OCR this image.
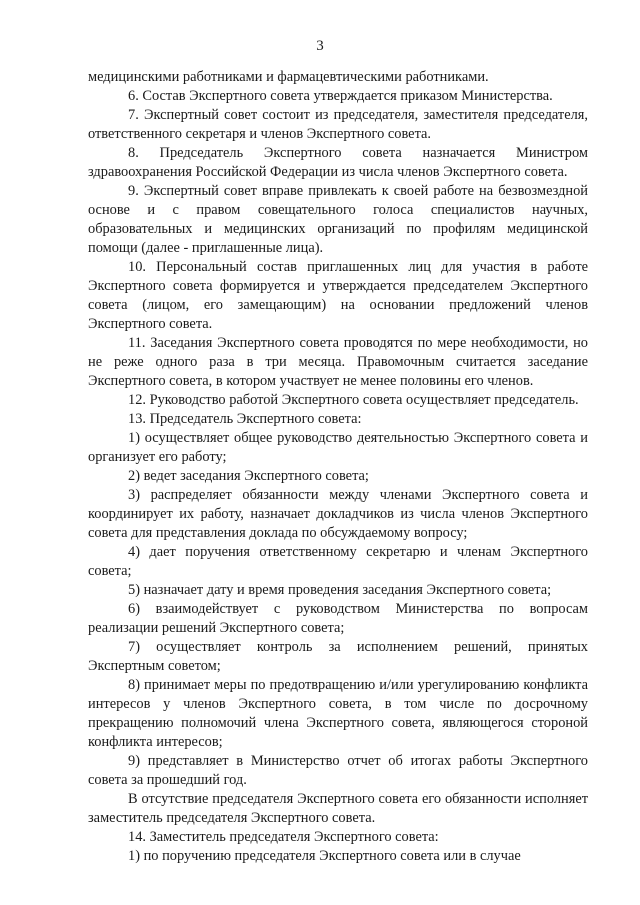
3

медицинскими работниками и фармацевтическими работниками.

6. Состав Экспертного совета утверждается приказом Министерства.

7. Экспертный совет состоит из председателя, заместителя председателя, ответственного секретаря и членов Экспертного совета.

8. Председатель Экспертного совета назначается Министром здравоохранения Российской Федерации из числа членов Экспертного совета.

9. Экспертный совет вправе привлекать к своей работе на безвозмездной основе и с правом совещательного голоса специалистов научных, образовательных и медицинских организаций по профилям медицинской помощи (далее - приглашенные лица).

10. Персональный состав приглашенных лиц для участия в работе Экспертного совета формируется и утверждается председателем Экспертного совета (лицом, его замещающим) на основании предложений членов Экспертного совета.

11. Заседания Экспертного совета проводятся по мере необходимости, но не реже одного раза в три месяца. Правомочным считается заседание Экспертного совета, в котором участвует не менее половины его членов.

12. Руководство работой Экспертного совета осуществляет председатель.

13. Председатель Экспертного совета:

1) осуществляет общее руководство деятельностью Экспертного совета и организует его работу;

2) ведет заседания Экспертного совета;

3) распределяет обязанности между членами Экспертного совета и координирует их работу, назначает докладчиков из числа членов Экспертного совета для представления доклада по обсуждаемому вопросу;

4) дает поручения ответственному секретарю и членам Экспертного совета;

5) назначает дату и время проведения заседания Экспертного совета;

6) взаимодействует с руководством Министерства по вопросам реализации решений Экспертного совета;

7) осуществляет контроль за исполнением решений, принятых Экспертным советом;

8) принимает меры по предотвращению и/или урегулированию конфликта интересов у членов Экспертного совета, в том числе по досрочному прекращению полномочий члена Экспертного совета, являющегося стороной конфликта интересов;

9) представляет в Министерство отчет об итогах работы Экспертного совета за прошедший год.

В отсутствие председателя Экспертного совета его обязанности исполняет заместитель председателя Экспертного совета.

14. Заместитель председателя Экспертного совета:

1) по поручению председателя Экспертного совета или в случае
